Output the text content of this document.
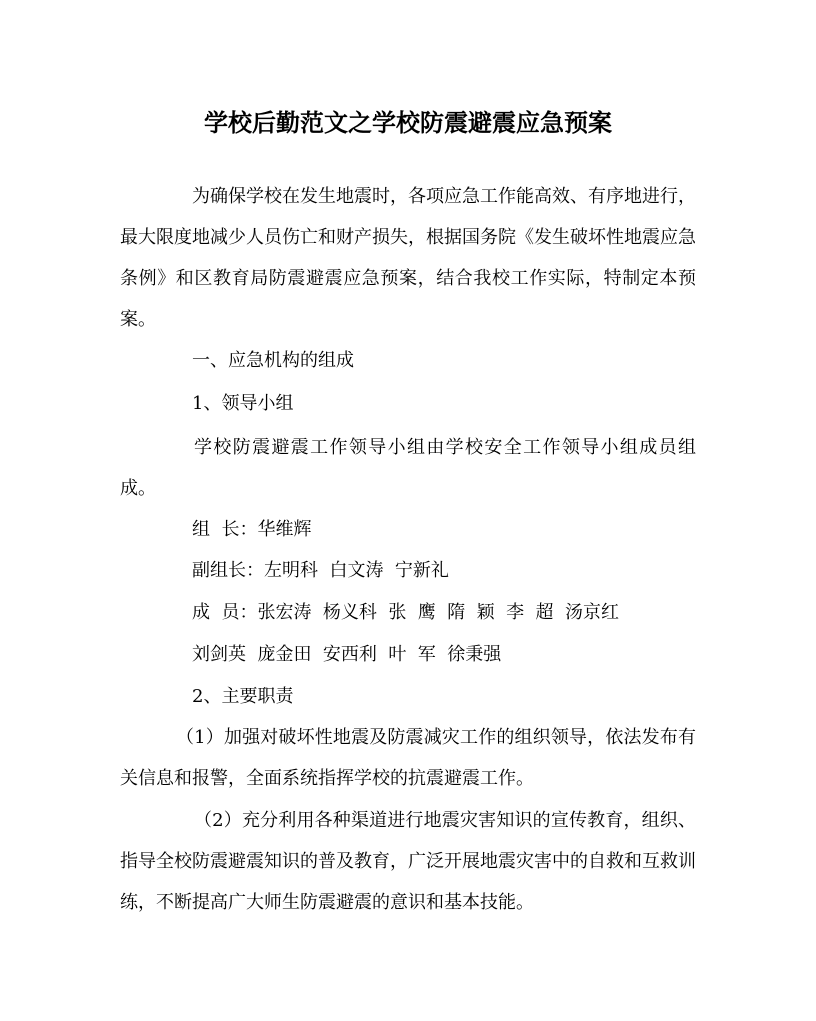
学校后勤范文之学校防震避震应急预案

为确保学校在发生地震时，各项应急工作能高效、有序地进行，最大限度地减少人员伤亡和财产损失，根据国务院《发生破坏性地震应急条例》和区教育局防震避震应急预案，结合我校工作实际，特制定本预案。

一、应急机构的组成

1、领导小组

学校防震避震工作领导小组由学校安全工作领导小组成员组成。

组  长：华维辉

副组长：左明科  白文涛  宁新礼

成  员：张宏涛  杨义科  张  鹰  隋  颖  李  超  汤京红

刘剑英  庞金田  安西利  叶  军  徐秉强

2、主要职责

（1）加强对破坏性地震及防震减灾工作的组织领导，依法发布有关信息和报警，全面系统指挥学校的抗震避震工作。

（2）充分利用各种渠道进行地震灾害知识的宣传教育，组织、指导全校防震避震知识的普及教育，广泛开展地震灾害中的自救和互救训练，不断提高广大师生防震避震的意识和基本技能。
